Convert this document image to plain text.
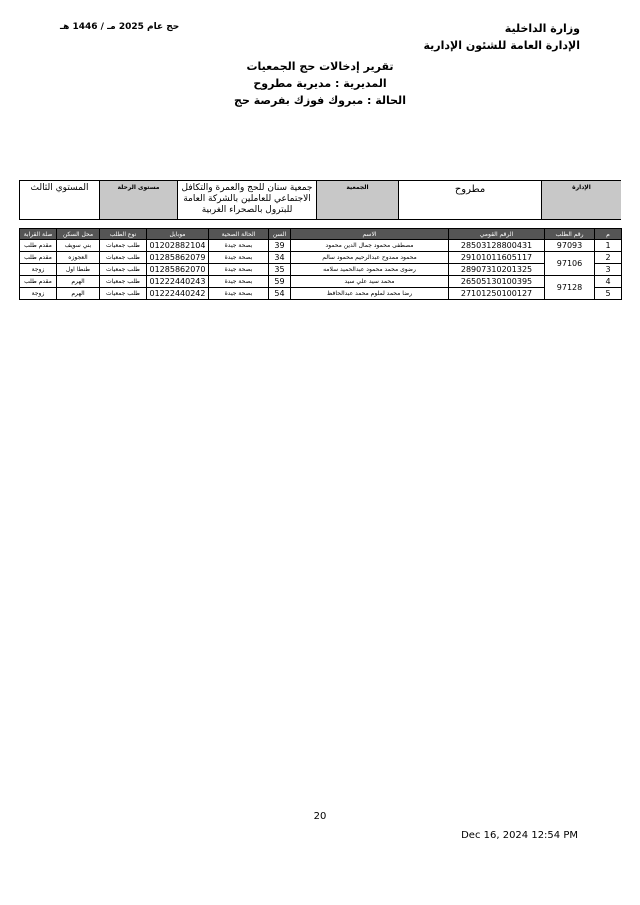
وزارة الداخلية
الإدارة العامة للشئون الإدارية
حج عام 2025 مـ / 1446 هـ
تقرير إدخالات حج الجمعيات
المديرية : مديرية مطروح
الحالة : مبروك فوزك بفرصة حج
الإدارة
مطروح
الجمعية
جمعية سنان للحج والعمرة والتكافل الاجتماعي للعاملين بالشركة العامة للبترول بالصحراء الغربية
مستوى الرحلة
المستوي الثالث
م	رقم الطلب	الرقم القومي	الاسم	السن	الحالة الصحية	موبايل	نوع الطلب	محل السكن	صلة القرابة
1	97093	28503128800431	مصطفى محمود جمال الدين محمود	39	بصحة جيدة	01202882104	طلب جمعيات	بني سويف	مقدم طلب
2	97106	29101011605117	محمود ممدوح عبدالرحيم محمود سالم	34	بصحة جيدة	01285862079	طلب جمعيات	العجوزه	مقدم طلب
3		28907310201325	رضوى محمد محمود عبدالحميد سلامه	35	بصحة جيدة	01285862070	طلب جمعيات	طنطا اول	زوجة
4	97128	26505130100395	محمد سيد علي سيد	59	بصحة جيدة	01222440243	طلب جمعيات	الهرم	مقدم طلب
5		27101250100127	رضا محمد لملوم محمد عبدالحافظ	54	بصحة جيدة	01222440242	طلب جمعيات	الهرم	زوجة
20
Dec 16, 2024 12:54 PM
